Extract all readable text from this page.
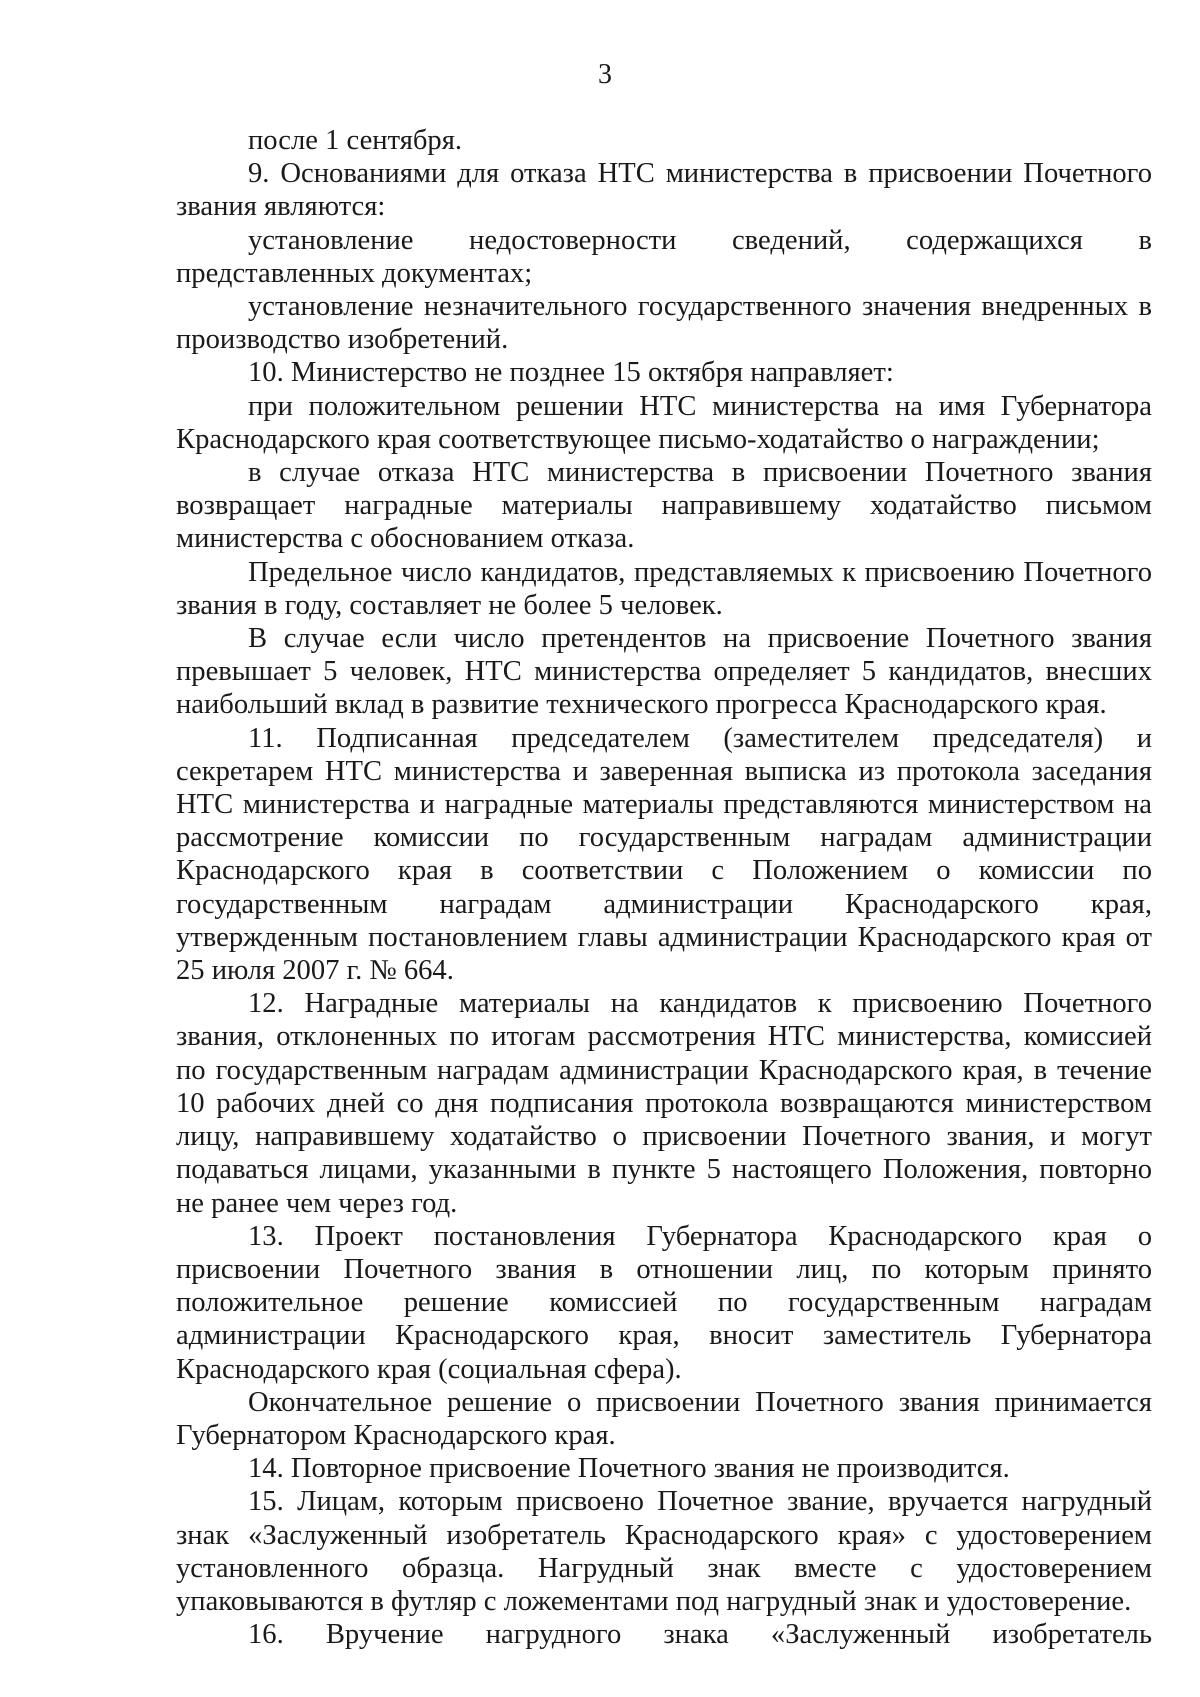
3

после 1 сентября.

9. Основаниями для отказа НТС министерства в присвоении Почетного звания являются:

установление недостоверности сведений, содержащихся в представленных документах;

установление незначительного государственного значения внедренных в производство изобретений.

10. Министерство не позднее 15 октября направляет:

при положительном решении НТС министерства на имя Губернатора Краснодарского края соответствующее письмо-ходатайство о награждении;

в случае отказа НТС министерства в присвоении Почетного звания возвращает наградные материалы направившему ходатайство письмом министерства с обоснованием отказа.

Предельное число кандидатов, представляемых к присвоению Почетного звания в году, составляет не более 5 человек.

В случае если число претендентов на присвоение Почетного звания превышает 5 человек, НТС министерства определяет 5 кандидатов, внесших наибольший вклад в развитие технического прогресса Краснодарского края.

11. Подписанная председателем (заместителем председателя) и секретарем НТС министерства и заверенная выписка из протокола заседания НТС министерства и наградные материалы представляются министерством на рассмотрение комиссии по государственным наградам администрации Краснодарского края в соответствии с Положением о комиссии по государственным наградам администрации Краснодарского края, утвержденным постановлением главы администрации Краснодарского края от 25 июля 2007 г. № 664.

12. Наградные материалы на кандидатов к присвоению Почетного звания, отклоненных по итогам рассмотрения НТС министерства, комиссией по государственным наградам администрации Краснодарского края, в течение 10 рабочих дней со дня подписания протокола возвращаются министерством лицу, направившему ходатайство о присвоении Почетного звания, и могут подаваться лицами, указанными в пункте 5 настоящего Положения, повторно не ранее чем через год.

13. Проект постановления Губернатора Краснодарского края о присвоении Почетного звания в отношении лиц, по которым принято положительное решение комиссией по государственным наградам администрации Краснодарского края, вносит заместитель Губернатора Краснодарского края (социальная сфера).

Окончательное решение о присвоении Почетного звания принимается Губернатором Краснодарского края.

14. Повторное присвоение Почетного звания не производится.

15. Лицам, которым присвоено Почетное звание, вручается нагрудный знак «Заслуженный изобретатель Краснодарского края» с удостоверением установленного образца. Нагрудный знак вместе с удостоверением упаковываются в футляр с ложементами под нагрудный знак и удостоверение.

16. Вручение нагрудного знака «Заслуженный изобретатель
